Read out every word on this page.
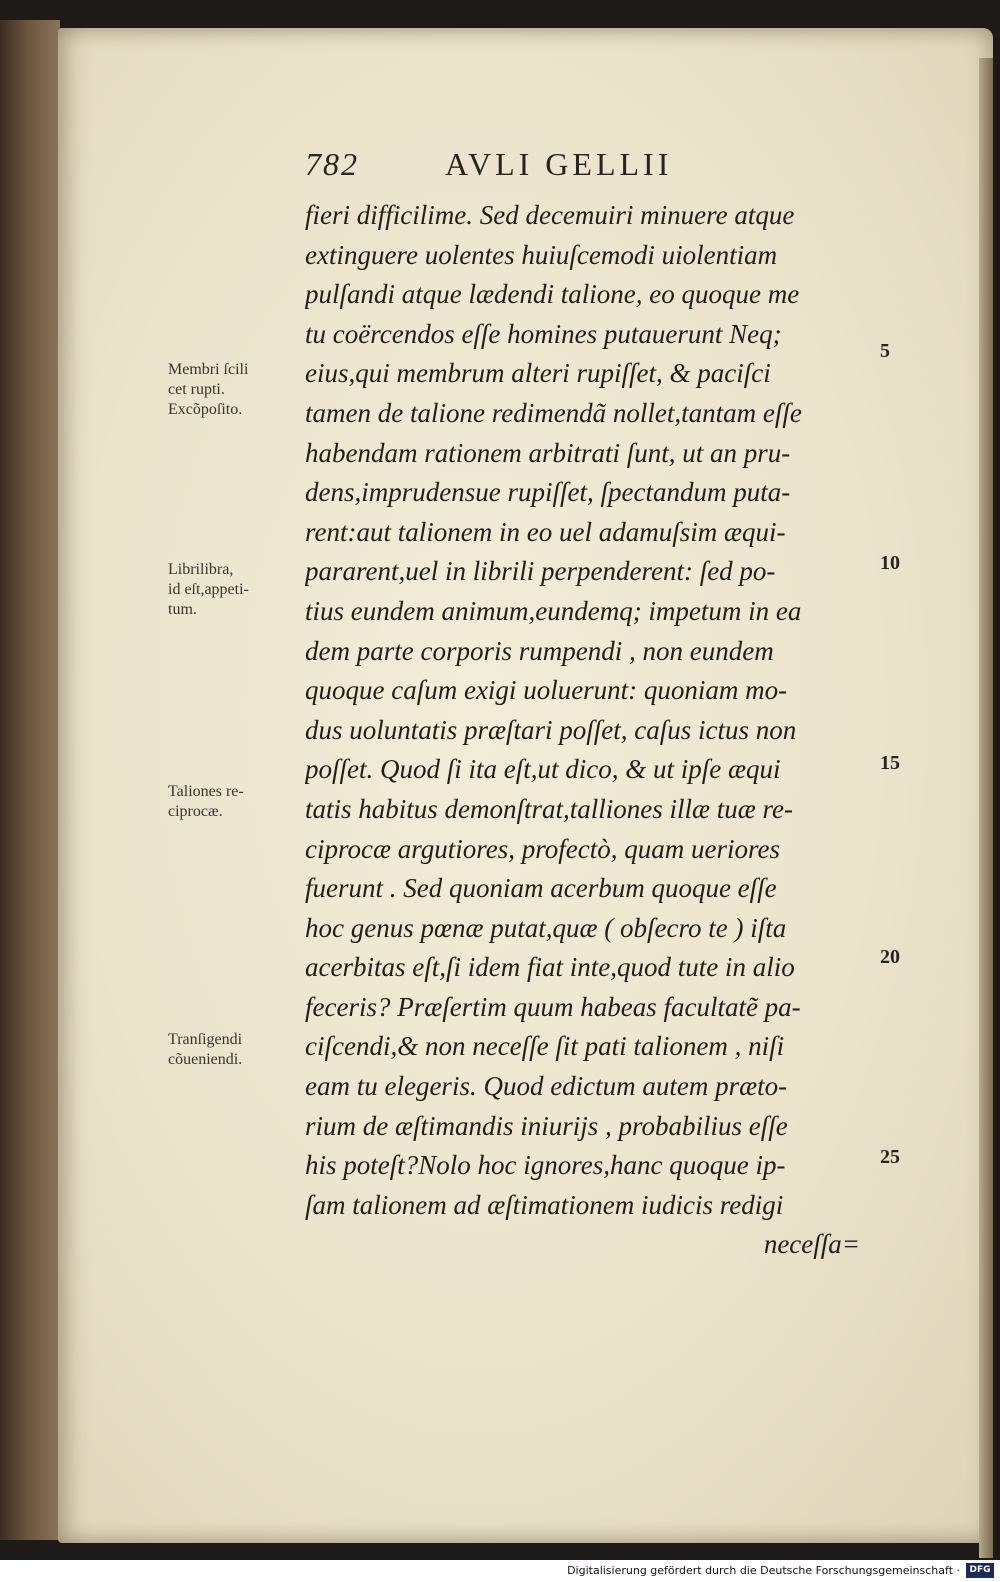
782	AVLI GELLII
fieri difficilime. Sed decemuiri minuere atque
extinguere uolentes huiuſcemodi uiolentiam
pulſandi atque lædendi talione, eo quoque me
tu coërcendos eſſe homines putauerunt Neq;
eius,qui membrum alteri rupiſſet, & paciſci
tamen de talione redimendã nollet,tantam eſſe
habendam rationem arbitrati ſunt, ut an pru-
dens,imprudensue rupiſſet, ſpectandum puta-
rent:aut talionem in eo uel adamuſsim æqui-
pararent,uel in librili perpenderent: ſed po-
tius eundem animum,eundemq; impetum in ea
dem parte corporis rumpendi , non eundem
quoque caſum exigi uoluerunt: quoniam mo-
dus uoluntatis præſtari poſſet, caſus ictus non
poſſet. Quod ſi ita eſt,ut dico, & ut ipſe æqui
tatis habitus demonſtrat,talliones illæ tuæ re-
ciprocæ argutiores, profectò, quam ueriores
fuerunt . Sed quoniam acerbum quoque eſſe
hoc genus pœnæ putat,quæ ( obſecro te ) iſta
acerbitas eſt,ſi idem fiat inte,quod tute in alio
feceris? Præſertim quum habeas facultatẽ pa-
ciſcendi,& non neceſſe ſit pati talionem , niſi
eam tu elegeris. Quod edictum autem præto-
rium de æſtimandis iniurijs , probabilius eſſe
his poteſt?Nolo hoc ignores,hanc quoque ip-
ſam talionem ad æſtimationem iudicis redigi
neceſſa=
Membri ſcili
cet rupti.
Excõpoſito.
Librilibra,
id eſt,appeti-
tum.
Taliones re-
ciprocæ.
Tranſigendi
cõueniendi.
5
10
15
20
25
Digitalisierung gefördert durch die Deutsche Forschungsgemeinschaft ·	DFG
